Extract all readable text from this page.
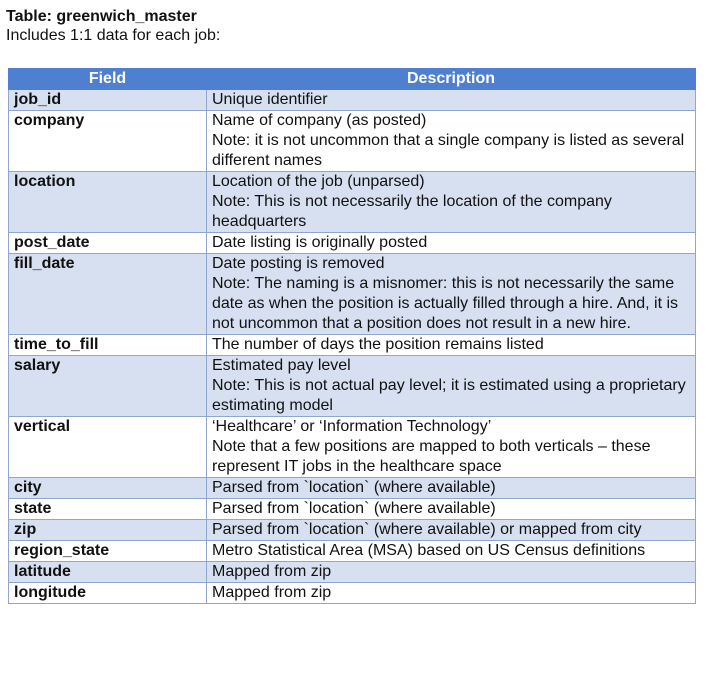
Table: greenwich_master
Includes 1:1 data for each job:
Field	Description
job_id	Unique identifier

company	Name of company (as posted)
Note: it is not uncommon that a single company is listed as several different names

location	Location of the job (unparsed)
Note: This is not necessarily the location of the company headquarters

post_date	Date listing is originally posted

fill_date	Date posting is removed
Note: The naming is a misnomer: this is not necessarily the same date as when the position is actually filled through a hire. And, it is not uncommon that a position does not result in a new hire.

time_to_fill	The number of days the position remains listed

salary	Estimated pay level
Note: This is not actual pay level; it is estimated using a proprietary estimating model

vertical	‘Healthcare’ or ‘Information Technology’
Note that a few positions are mapped to both verticals – these represent IT jobs in the healthcare space

city	Parsed from `location` (where available)

state	Parsed from `location` (where available)

zip	Parsed from `location` (where available) or mapped from city

region_state	Metro Statistical Area (MSA) based on US Census definitions

latitude	Mapped from zip

longitude	Mapped from zip
